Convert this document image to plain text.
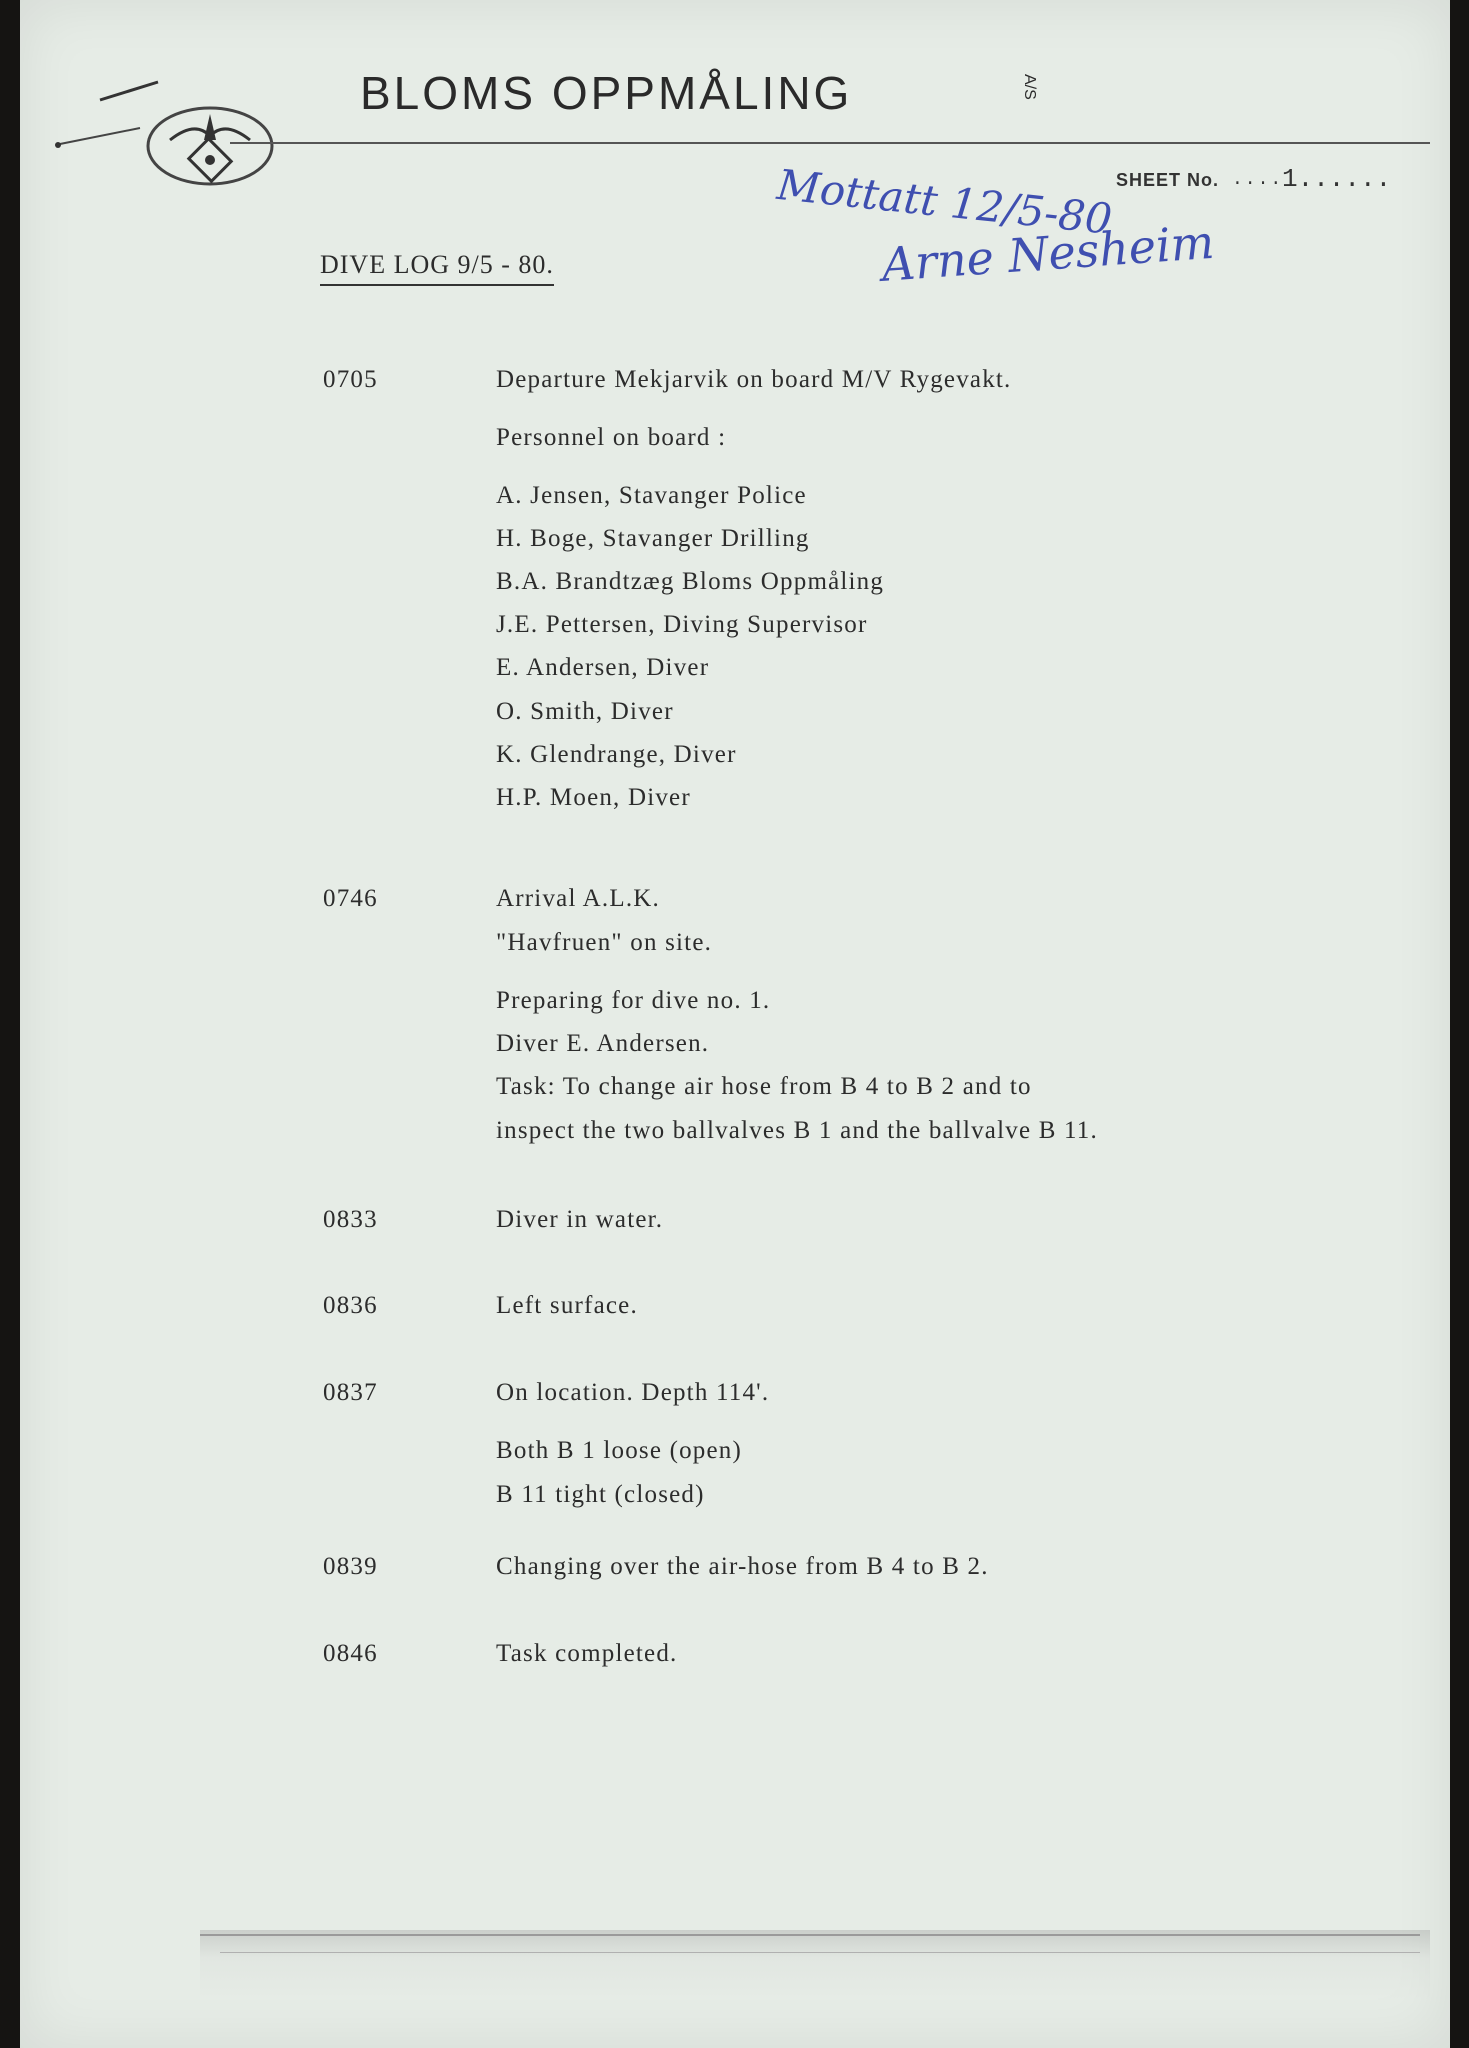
BLOMS OPPMÅLING	A/S
SHEET No. ....
1......
Mottatt 12/5-80
Arne Nesheim
DIVE LOG 9/5 - 80.
0705	Departure Mekjarvik on board M/V Rygevakt.
Personnel on board :
A. Jensen, Stavanger Police
H. Boge, Stavanger Drilling
B.A. Brandtzæg Bloms Oppmåling
J.E. Pettersen, Diving Supervisor
E. Andersen, Diver
O. Smith, Diver
K. Glendrange, Diver
H.P. Moen, Diver
0746	Arrival A.L.K.
"Havfruen" on site.
Preparing for dive no. 1.
Diver E. Andersen.
Task: To change air hose from B 4 to B 2 and to
inspect the two ballvalves B 1 and the ballvalve B 11.
0833	Diver in water.
0836	Left surface.
0837	On location. Depth 114'.
Both B 1 loose (open)
B 11 tight (closed)
0839	Changing over the air-hose from B 4 to B 2.
0846	Task completed.
